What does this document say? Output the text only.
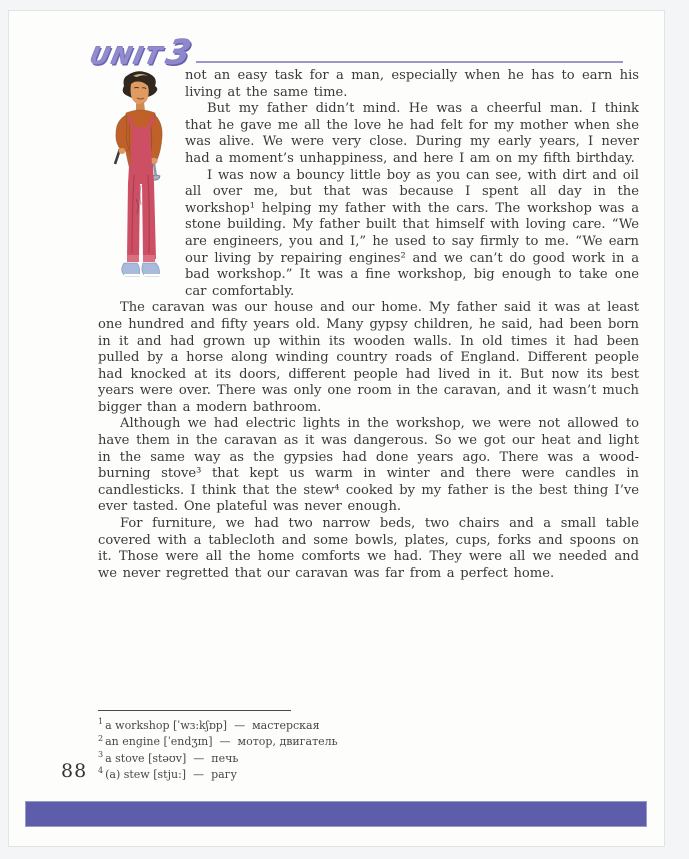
UNIT3

not an easy task for a man, especially when he has to earn his living at the same time.

But my father didn’t mind. He was a cheerful man. I think that he gave me all the love he had felt for my mother when she was alive. We were very close. During my early years, I never had a moment’s unhappiness, and here I am on my fifth birthday.

I was now a bouncy little boy as you can see, with dirt and oil all over me, but that was because I spent all day in the workshop¹ helping my father with the cars. The workshop was a stone building. My father built that himself with loving care. “We are engineers, you and I,” he used to say firmly to me. “We earn our living by repairing engines² and we can’t do good work in a bad workshop.” It was a fine workshop, big enough to take one car comfortably.

The caravan was our house and our home. My father said it was at least one hundred and fifty years old. Many gypsy children, he said, had been born in it and had grown up within its wooden walls. In old times it had been pulled by a horse along winding country roads of England. Different people had knocked at its doors, different people had lived in it. But now its best years were over. There was only one room in the caravan, and it wasn’t much bigger than a modern bathroom.

Although we had electric lights in the workshop, we were not allowed to have them in the caravan as it was dangerous. So we got our heat and light in the same way as the gypsies had done years ago. There was a wood-burning stove³ that kept us warm in winter and there were candles in candlesticks. I think that the stew⁴ cooked by my father is the best thing I’ve ever tasted. One plateful was never enough.

For furniture, we had two narrow beds, two chairs and a small table covered with a tablecloth and some bowls, plates, cups, forks and spoons on it. Those were all the home comforts we had. They were all we needed and we never regretted that our caravan was far from a perfect home.

$^1$ a workshop [ˈwɜ:kʃɒp] — мастерская
$^2$ an engine [ˈendʒɪn] — мотор, двигатель
$^3$ a stove [stəʊv] — печь
$^4$ (a) stew [stju:] — рагу
88
